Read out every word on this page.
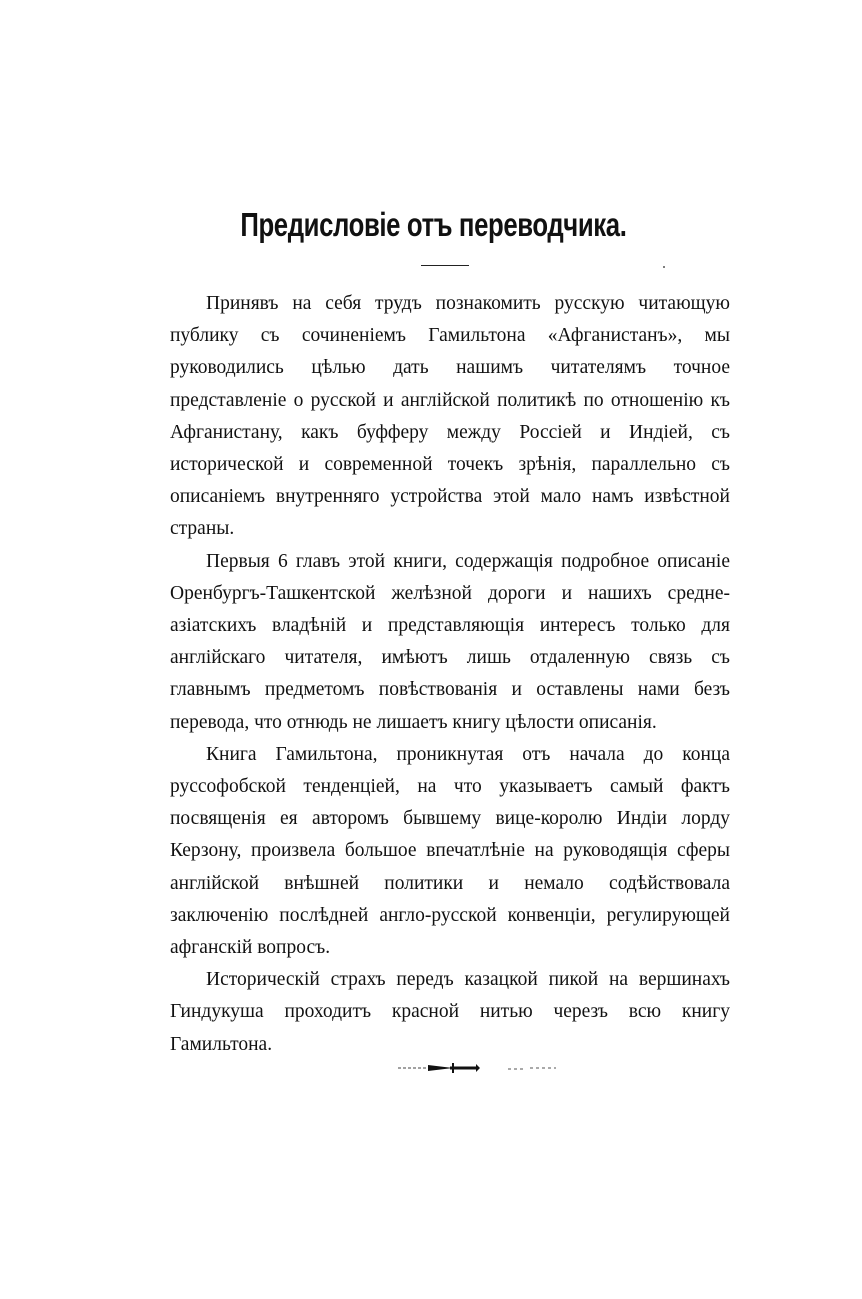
Предисловіе отъ переводчика.

Принявъ на себя трудъ познакомить русскую читающую публику съ сочиненіемъ Гамильтона «Афганистанъ», мы руководились цѣлью дать нашимъ читателямъ точное представленіе о русской и англійской политикѣ по отношенію къ Афганистану, какъ буфферу между Россіей и Индіей, съ исторической и современной точекъ зрѣнія, параллельно съ описаніемъ внутренняго устройства этой мало намъ извѣстной страны.

Первыя 6 главъ этой книги, содержащія подробное описаніе Оренбургъ-Ташкентской желѣзной дороги и нашихъ средне-азіатскихъ владѣній и представляющія интересъ только для англійскаго читателя, имѣютъ лишь отдаленную связь съ главнымъ предметомъ повѣствованія и оставлены нами безъ перевода, что отнюдь не лишаетъ книгу цѣлости описанія.

Книга Гамильтона, проникнутая отъ начала до конца руссофобской тенденціей, на что указываетъ самый фактъ посвященія ея авторомъ бывшему вице-королю Индіи лорду Керзону, произвела большое впечатлѣніе на руководящія сферы англійской внѣшней политики и немало содѣйствовала заключенію послѣдней англо-русской конвенціи, регулирующей афганскій вопросъ.

Историческій страхъ передъ казацкой пикой на вершинахъ Гиндукуша проходитъ красной нитью черезъ всю книгу Гамильтона.
